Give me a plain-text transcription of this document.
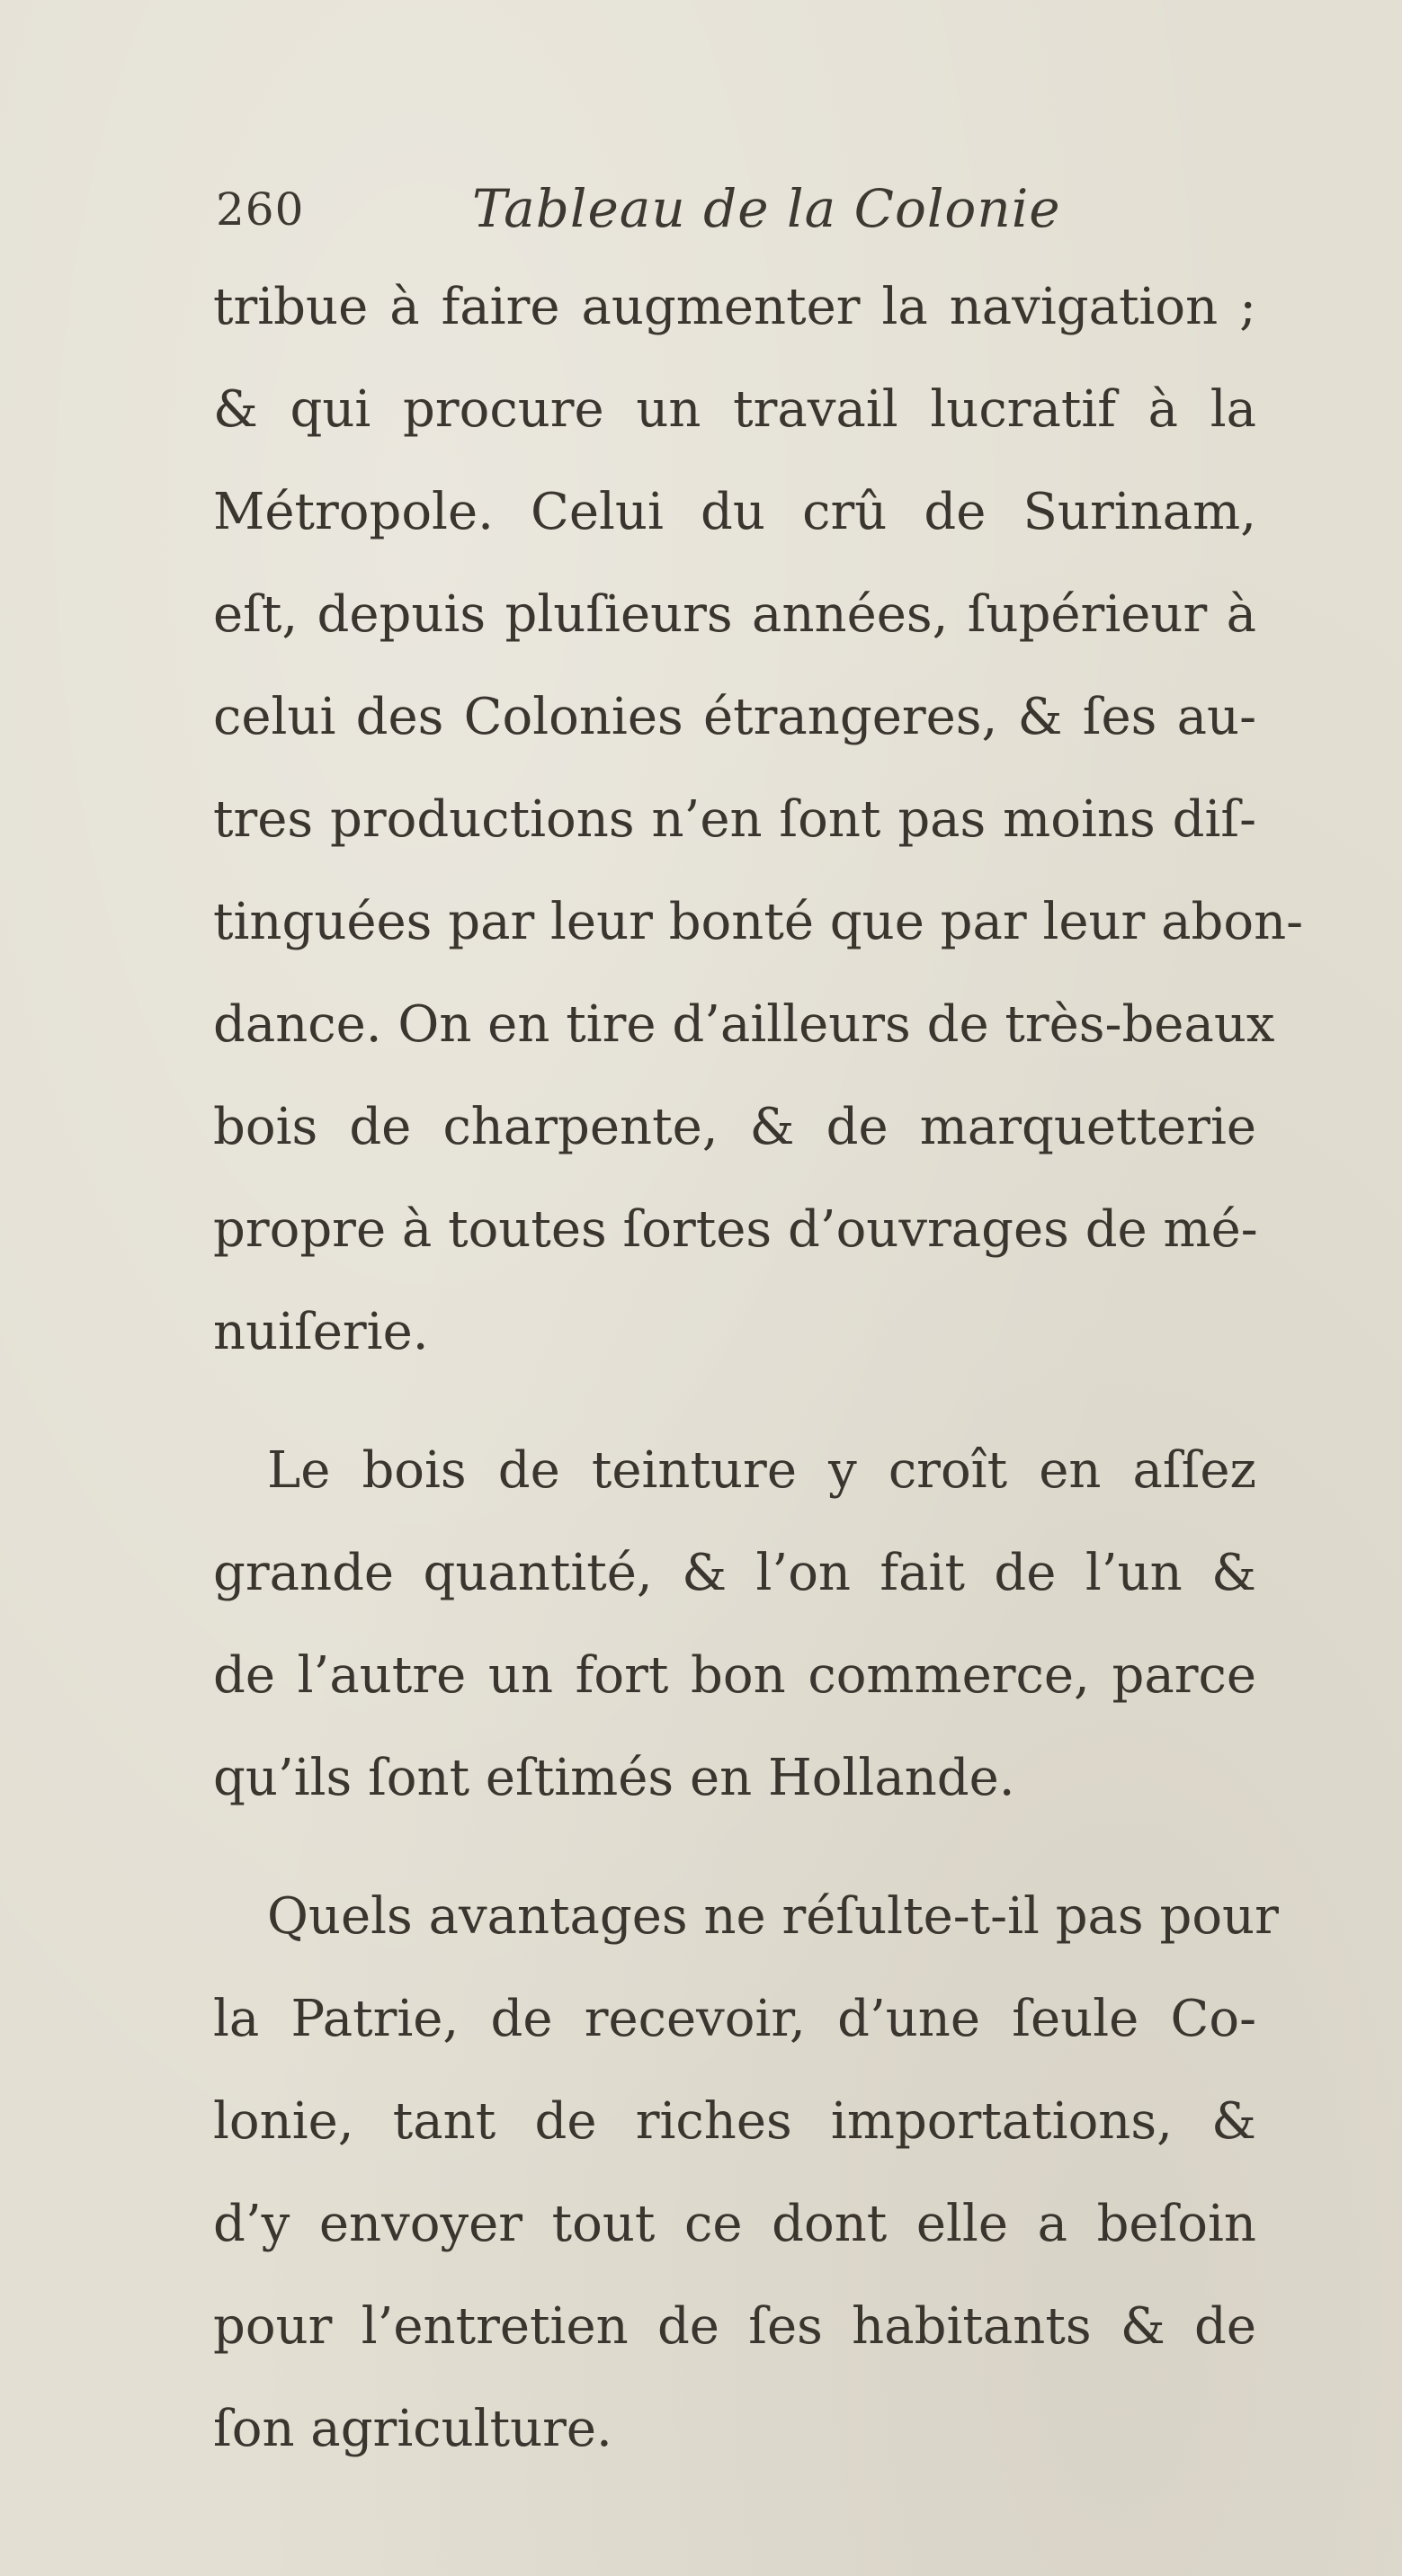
260	Tableau de la Colonie
tribue à faire augmenter la navigation ;
& qui procure un travail lucratif à la
Métropole. Celui du crû de Surinam,
eſt, depuis pluſieurs années, ſupérieur à
celui des Colonies étrangeres, & ſes au-
tres productions n’en ſont pas moins diſ-
tinguées par leur bonté que par leur abon-
dance. On en tire d’ailleurs de très-beaux
bois de charpente, & de marquetterie
propre à toutes ſortes d’ouvrages de mé-
nuiſerie.
Le bois de teinture y croît en aſſez
grande quantité, & l’on fait de l’un &
de l’autre un fort bon commerce, parce
qu’ils ſont eſtimés en Hollande.
Quels avantages ne réſulte-t-il pas pour
la Patrie, de recevoir, d’une ſeule Co-
lonie, tant de riches importations, &
d’y envoyer tout ce dont elle a beſoin
pour l’entretien de ſes habitants & de
ſon agriculture.
